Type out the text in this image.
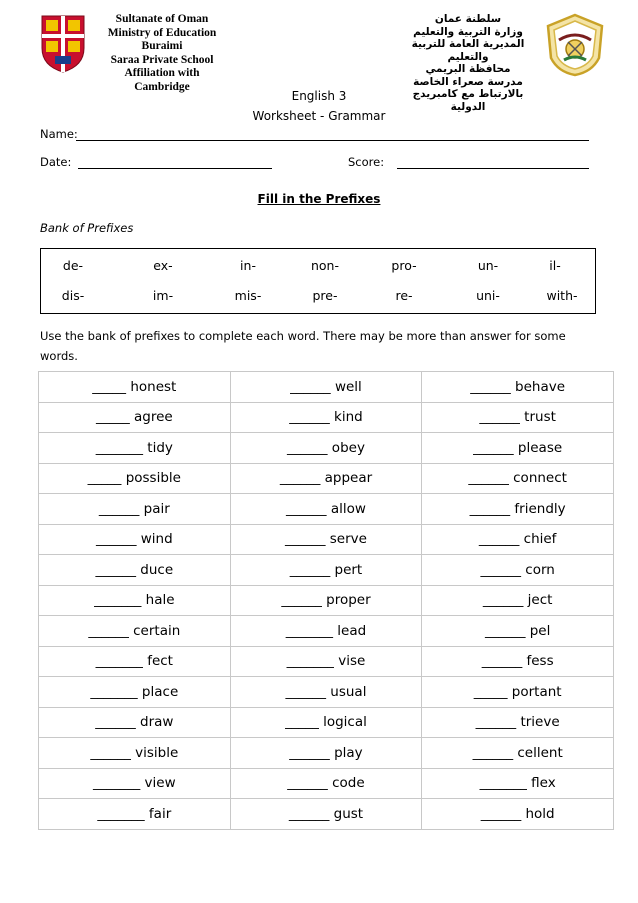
Sultanate of Oman
Ministry of Education
Buraimi
Saraa Private School
Affiliation with Cambridge
سلطنة عمان
وزارة التربية والتعليم
المديرية العامة للتربية والتعليم
محافظة البريمي
مدرسة صعراء الخاصة
بالارتباط مع كامبريدج الدولية
English 3
Worksheet - Grammar
Name:
Date:	Score:
Fill in the Prefixes
Bank of Prefixes
de-	ex-	in-	non-	pro-	un-	il-
dis-	im-	mis-	pre-	re-	uni-	with-
Use the bank of prefixes to complete each word. There may be more than answer for some words.
_____ honest	______ well	______ behave
_____ agree	______ kind	______ trust
_______ tidy	______ obey	______ please
_____ possible	______ appear	______ connect
______ pair	______ allow	______ friendly
______ wind	______ serve	______ chief
______ duce	______ pert	______ corn
_______ hale	______ proper	______ ject
______ certain	_______ lead	______ pel
_______ fect	_______ vise	______ fess
_______ place	______ usual	_____ portant
______ draw	_____ logical	______ trieve
______ visible	______ play	______ cellent
_______ view	______ code	_______ flex
_______ fair	______ gust	______ hold
